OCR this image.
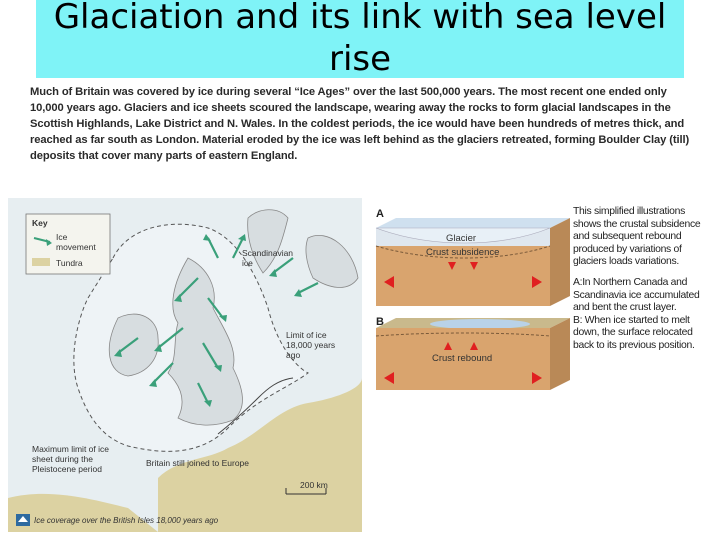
Glaciation and its link with sea level rise

Much of Britain was covered by ice during several “Ice Ages” over the last 500,000 years. The most recent one ended only 10,000 years ago. Glaciers and ice sheets scoured the landscape, wearing away the rocks to form glacial landscapes in the Scottish Highlands, Lake District and N. Wales. In the coldest periods, the ice would have been hundreds of metres thick, and reached as far south as London. Material eroded by the ice was left behind as the glaciers retreated, forming Boulder Clay (till) deposits that cover many parts of eastern England.

Key
Ice movement
Tundra
Scandinavian ice
Limit of ice 18,000 years ago
Maximum limit of ice sheet during the Pleistocene period
Britain still joined to Europe
200 km
Ice coverage over the British Isles 18,000 years ago
A
B
Glacier
Crust subsidence
Crust rebound

This simplified illustrations shows the crustal subsidence and subsequent rebound produced by variations of glaciers loads variations.

A:In Northern Canada and Scandinavia ice accumulated and bent the crust layer.

B: When ice started to melt down, the surface relocated back to its previous position.
